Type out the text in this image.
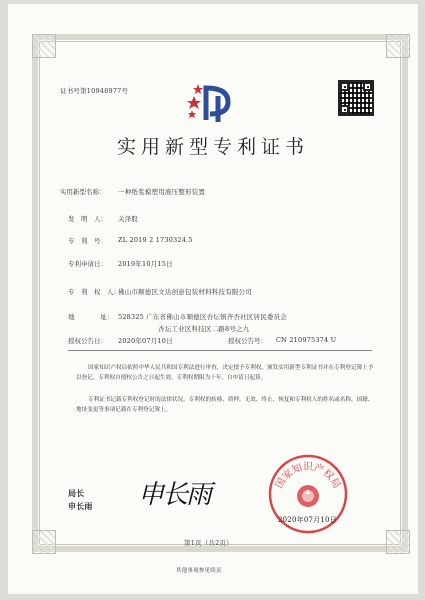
证书号第10948977号
实用新型专利证书
实用新型名称： 一种纸浆模塑用液压整形装置
发　明　人： 关泽股
专　利　号： ZL 2019 2 1730324.5
专利申请日： 2019年10月15日
专　利　权　人：
佛山市顺德区文达创意包装材料科技有限公司
地　　　　址： 528325 广东省佛山市顺德区杏坛镇齐杏社区居民委员会
杏坛工业区科技区二路8号之九
授权公告日： 2020年07月10日	授权公告号： CN 210975374 U
国家知识产权局依照中华人民共和国专利法进行审查，决定授予专利权，颁发实用新型专利证书并在专利登记簿上予以登记。专利权自授权公告之日起生效。专利权期限为十年，自申请日起算。
专利证书记载专利权登记时的法律状况。专利权的转移、质押、无效、终止、恢复和专利权人的姓名或名称、国籍、地址变更等事项记载在专利登记簿上。
局长
申长雨 申长雨	国家知识产权局
2020年07月10日
第1页（共2页）
其他事项参见续页
